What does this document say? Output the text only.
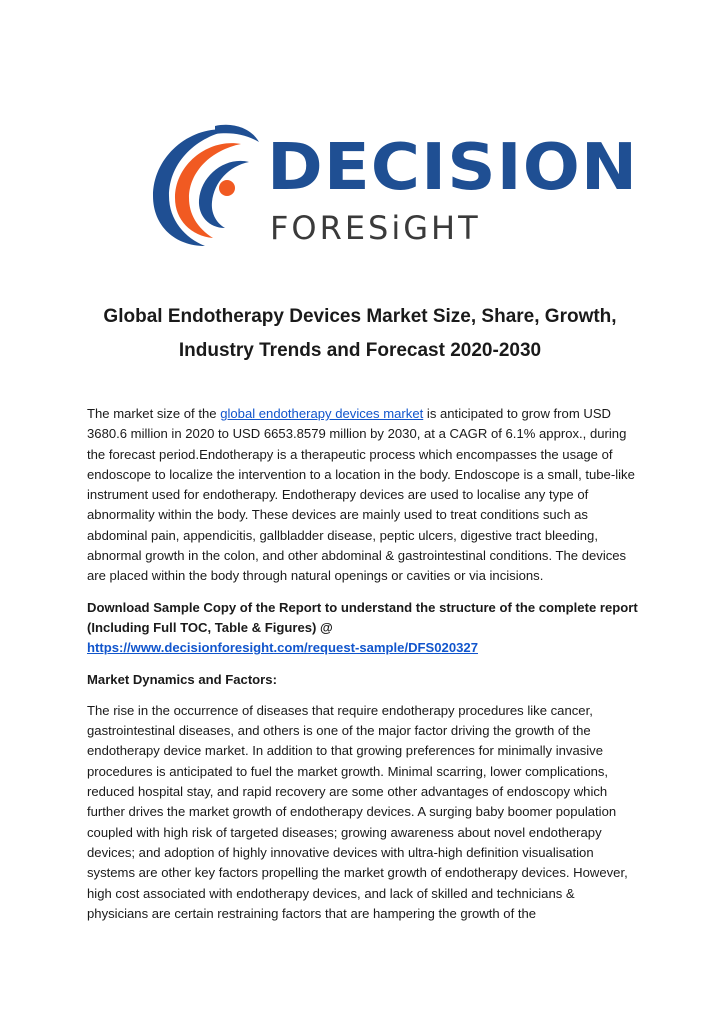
DECISION
FORESiGHT
Global Endotherapy Devices Market Size, Share, Growth,
Industry Trends and Forecast 2020-2030

The market size of the global endotherapy devices market is anticipated to grow from USD 3680.6 million in 2020 to USD 6653.8579 million by 2030, at a CAGR of 6.1% approx., during the forecast period.Endotherapy is a therapeutic process which encompasses the usage of endoscope to localize the intervention to a location in the body. Endoscope is a small, tube-like instrument used for endotherapy. Endotherapy devices are used to localise any type of abnormality within the body. These devices are mainly used to treat conditions such as abdominal pain, appendicitis, gallbladder disease, peptic ulcers, digestive tract bleeding, abnormal growth in the colon, and other abdominal & gastrointestinal conditions. The devices are placed within the body through natural openings or cavities or via incisions.

Download Sample Copy of the Report to understand the structure of the complete report (Including Full TOC, Table & Figures) @
https://www.decisionforesight.com/request-sample/DFS020327

Market Dynamics and Factors:

The rise in the occurrence of diseases that require endotherapy procedures like cancer, gastrointestinal diseases, and others is one of the major factor driving the growth of the endotherapy device market. In addition to that growing preferences for minimally invasive procedures is anticipated to fuel the market growth. Minimal scarring, lower complications, reduced hospital stay, and rapid recovery are some other advantages of endoscopy which further drives the market growth of endotherapy devices. A surging baby boomer population coupled with high risk of targeted diseases; growing awareness about novel endotherapy devices; and adoption of highly innovative devices with ultra-high definition visualisation systems are other key factors propelling the market growth of endotherapy devices. However, high cost associated with endotherapy devices, and lack of skilled and technicians & physicians are certain restraining factors that are hampering the growth of the
